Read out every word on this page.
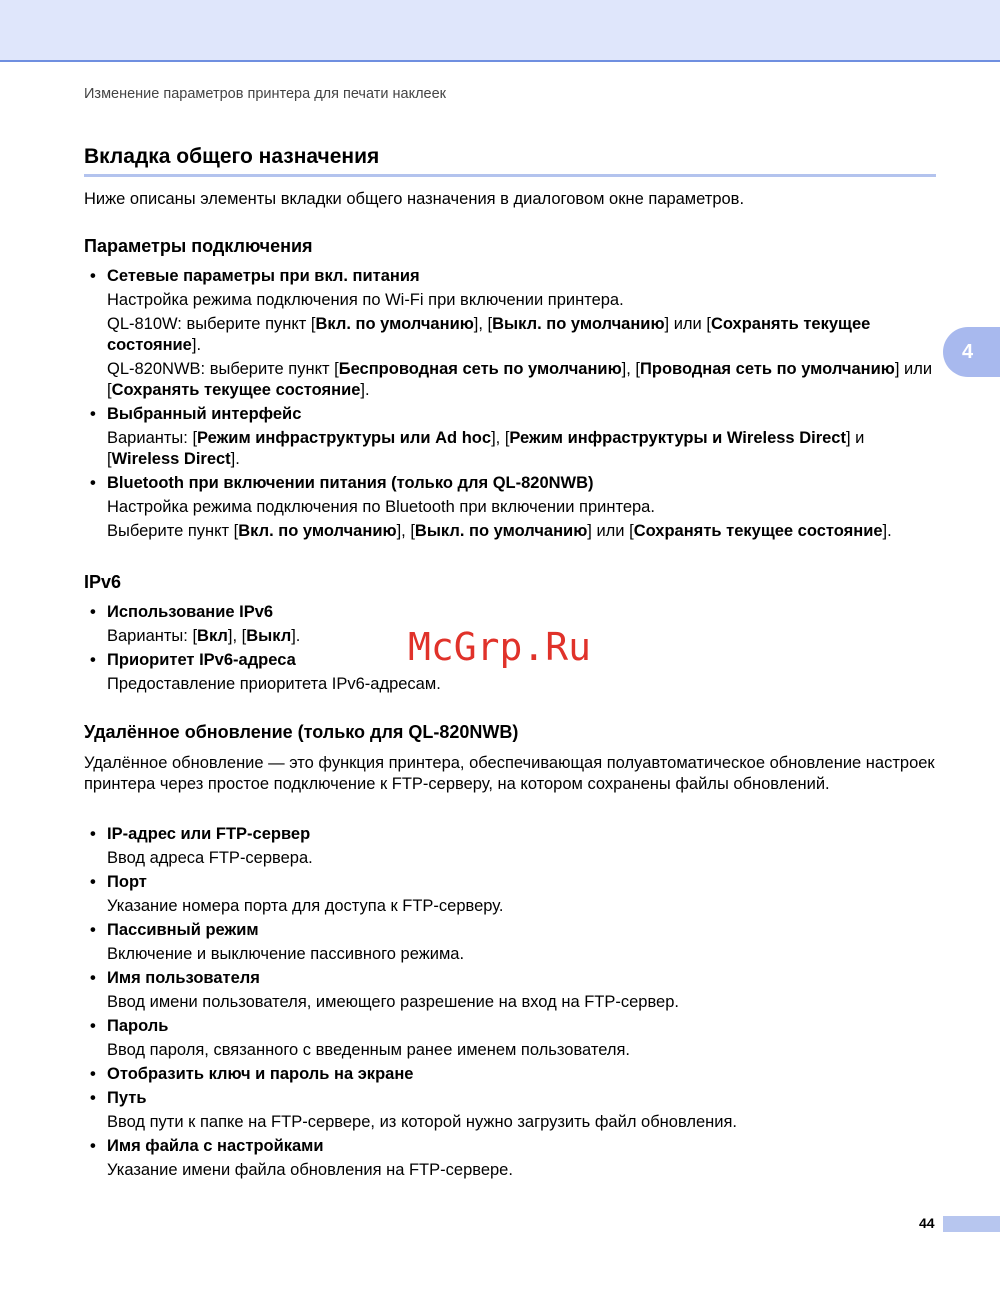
Изменение параметров принтера для печати наклеек
Вкладка общего назначения

Ниже описаны элементы вкладки общего назначения в диалоговом окне параметров.

4
Параметры подключения
• Сетевые параметры при вкл. питания
Настройка режима подключения по Wi-Fi при включении принтера.
QL-810W: выберите пункт [Вкл. по умолчанию], [Выкл. по умолчанию] или [Сохранять текущее состояние].
QL-820NWB: выберите пункт [Беспроводная сеть по умолчанию], [Проводная сеть по умолчанию] или [Сохранять текущее состояние].
• Выбранный интерфейс
Варианты: [Режим инфраструктуры или Ad hoc], [Режим инфраструктуры и Wireless Direct] и [Wireless Direct].
• Bluetooth при включении питания (только для QL-820NWB)
Настройка режима подключения по Bluetooth при включении принтера.
Выберите пункт [Вкл. по умолчанию], [Выкл. по умолчанию] или [Сохранять текущее состояние].
IPv6
• Использование IPv6
Варианты: [Вкл], [Выкл].
• Приоритет IPv6-адреса
Предоставление приоритета IPv6-адресам.
McGrp.Ru
Удалённое обновление (только для QL-820NWB)

Удалённое обновление — это функция принтера, обеспечивающая полуавтоматическое обновление настроек принтера через простое подключение к FTP-серверу, на котором сохранены файлы обновлений.

• IP-адрес или FTP-сервер
Ввод адреса FTP-сервера.
• Порт
Указание номера порта для доступа к FTP-серверу.
• Пассивный режим
Включение и выключение пассивного режима.
• Имя пользователя
Ввод имени пользователя, имеющего разрешение на вход на FTP-сервер.
• Пароль
Ввод пароля, связанного с введенным ранее именем пользователя.
• Отобразить ключ и пароль на экране
• Путь
Ввод пути к папке на FTP-сервере, из которой нужно загрузить файл обновления.
• Имя файла с настройками
Указание имени файла обновления на FTP-сервере.
44
